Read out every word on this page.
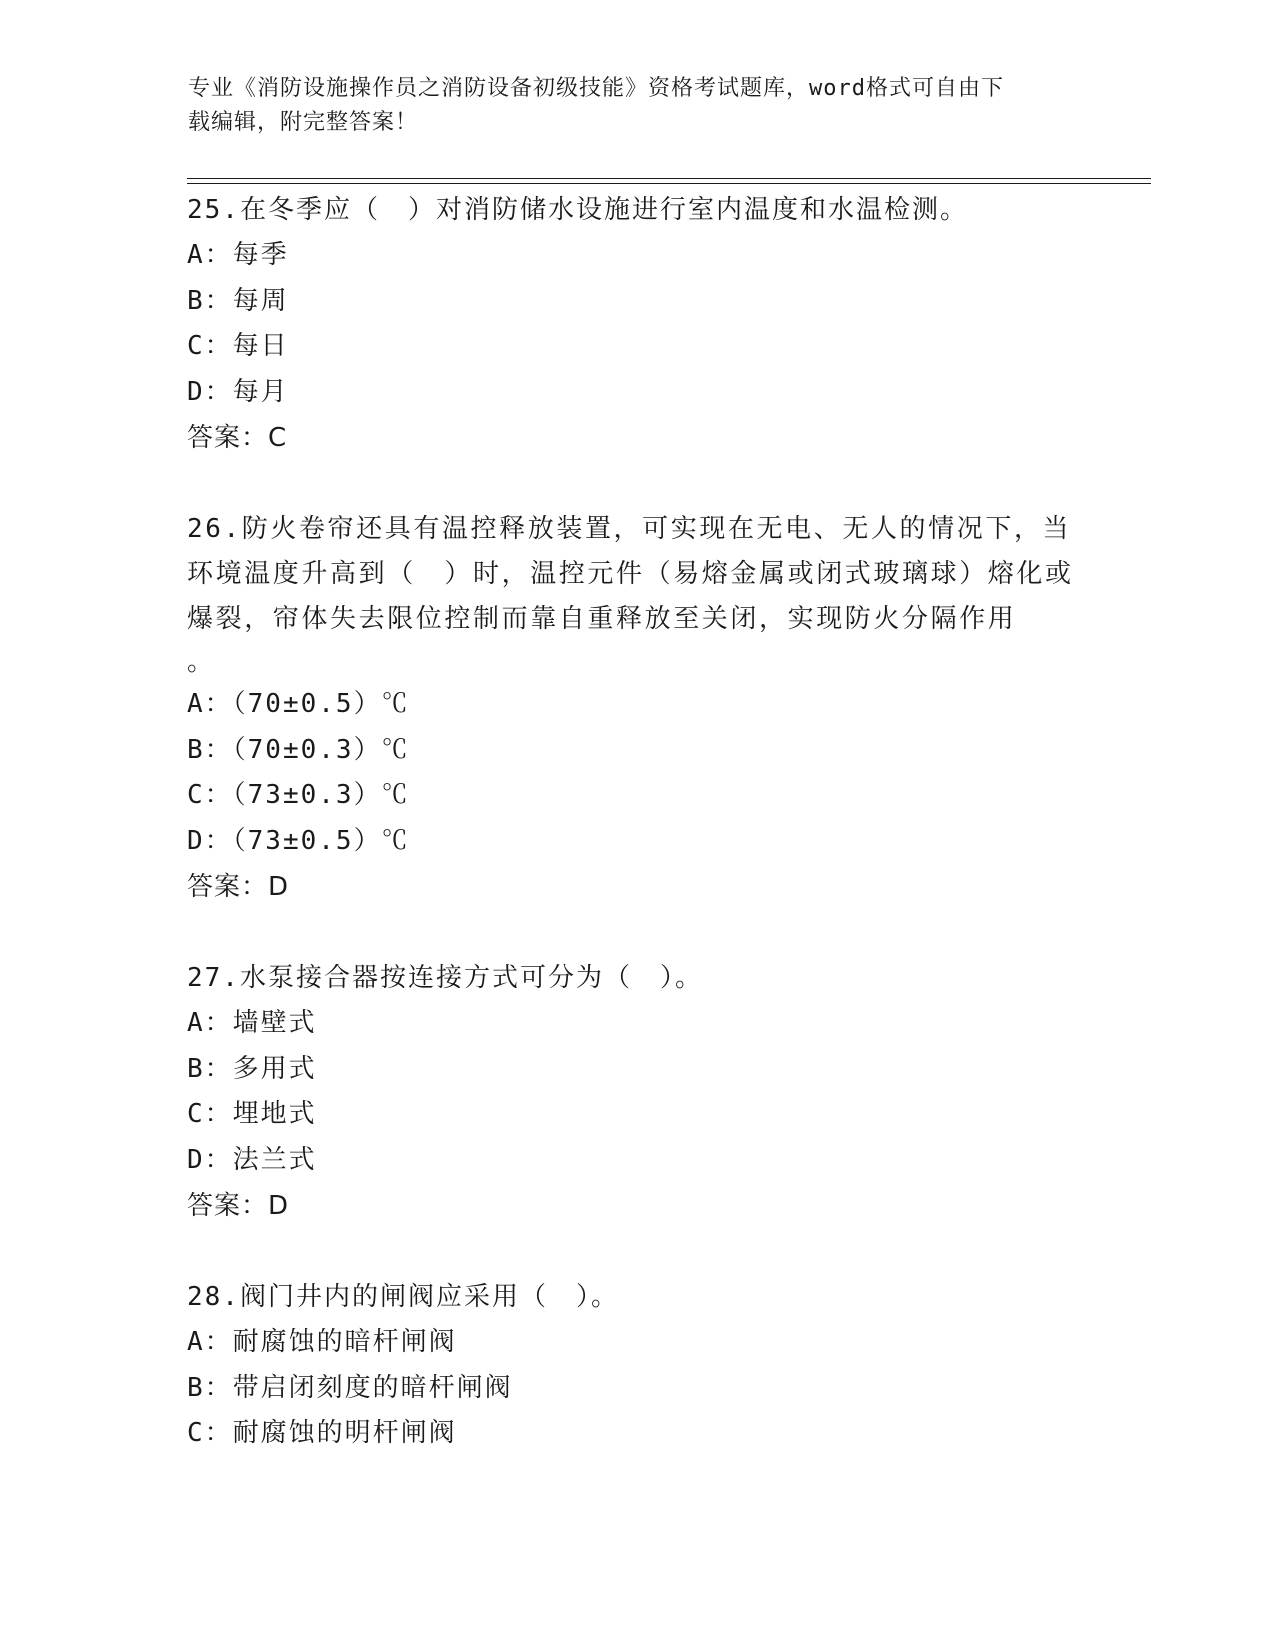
专业《消防设施操作员之消防设备初级技能》资格考试题库，word格式可自由下
载编辑，附完整答案！
25.在冬季应（　）对消防储水设施进行室内温度和水温检测。
A：每季
B：每周
C：每日
D：每月
答案：C
26.防火卷帘还具有温控释放装置，可实现在无电、无人的情况下，当环境温度升高到（　）时，温控元件（易熔金属或闭式玻璃球）熔化或爆裂，帘体失去限位控制而靠自重释放至关闭，实现防火分隔作用
。
A：（70±0.5）℃
B：（70±0.3）℃
C：（73±0.3）℃
D：（73±0.5）℃
答案：D
27.水泵接合器按连接方式可分为（　）。
A：墙壁式
B：多用式
C：埋地式
D：法兰式
答案：D
28.阀门井内的闸阀应采用（　）。
A：耐腐蚀的暗杆闸阀
B：带启闭刻度的暗杆闸阀
C：耐腐蚀的明杆闸阀
